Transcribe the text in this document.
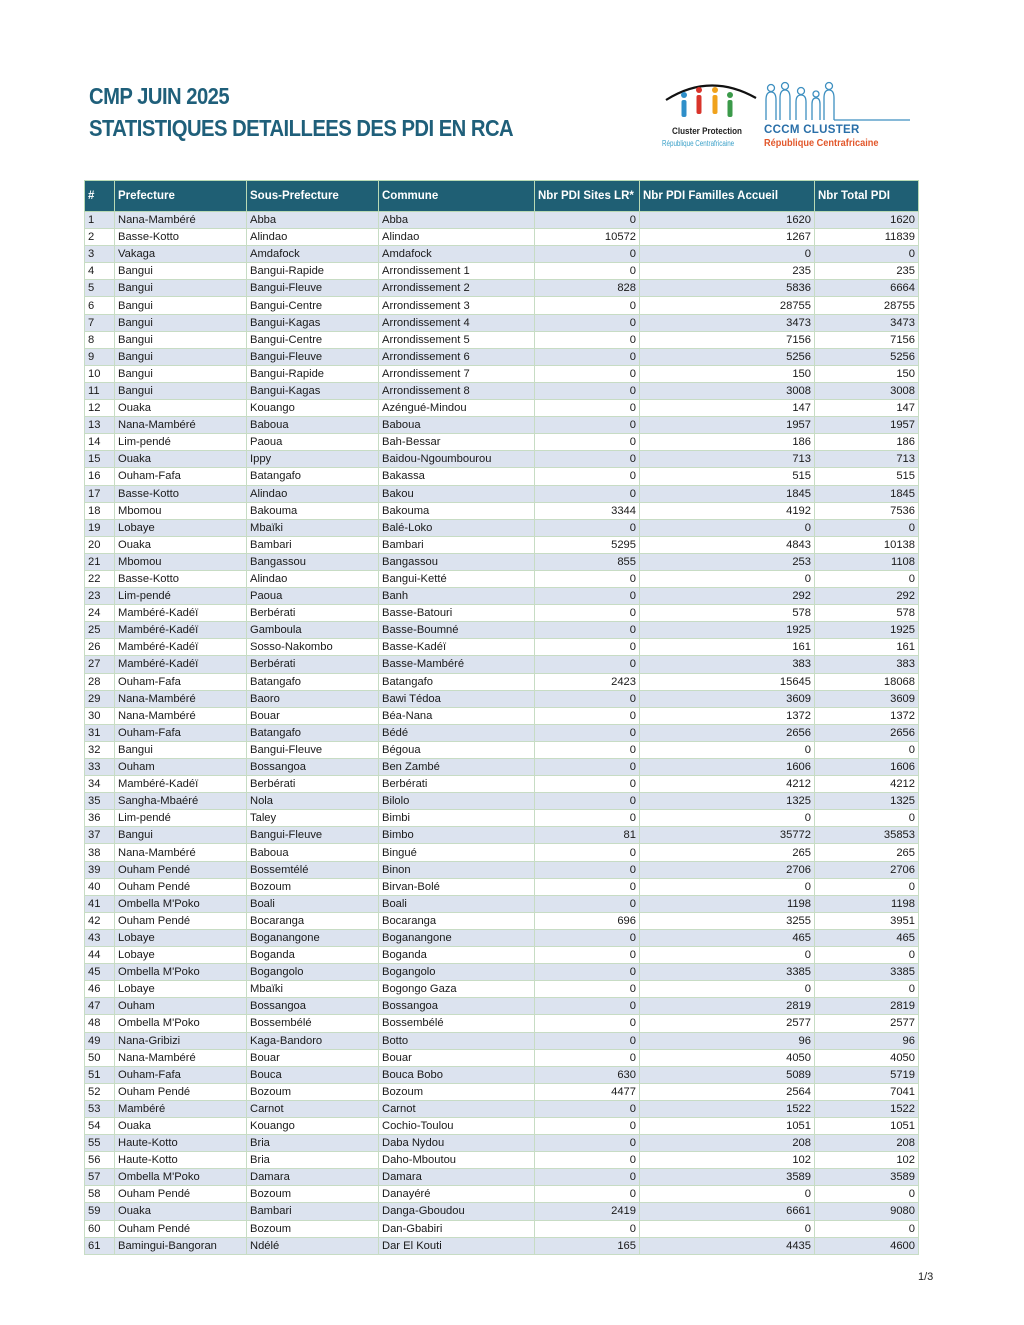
CMP JUIN 2025
STATISTIQUES DETAILLEES DES PDI EN RCA	Cluster Protection
République Centrafricaine
CCCM CLUSTER
République Centrafricaine
#	Prefecture	Sous-Prefecture	Commune	Nbr PDI Sites LR*	Nbr PDI Familles Accueil	Nbr Total PDI
1	Nana-Mambéré	Abba	Abba	0	1620	1620
2	Basse-Kotto	Alindao	Alindao	10572	1267	11839
3	Vakaga	Amdafock	Amdafock	0	0	0
4	Bangui	Bangui-Rapide	Arrondissement 1	0	235	235
5	Bangui	Bangui-Fleuve	Arrondissement 2	828	5836	6664
6	Bangui	Bangui-Centre	Arrondissement 3	0	28755	28755
7	Bangui	Bangui-Kagas	Arrondissement 4	0	3473	3473
8	Bangui	Bangui-Centre	Arrondissement 5	0	7156	7156
9	Bangui	Bangui-Fleuve	Arrondissement 6	0	5256	5256
10	Bangui	Bangui-Rapide	Arrondissement 7	0	150	150
11	Bangui	Bangui-Kagas	Arrondissement 8	0	3008	3008
12	Ouaka	Kouango	Azéngué-Mindou	0	147	147
13	Nana-Mambéré	Baboua	Baboua	0	1957	1957
14	Lim-pendé	Paoua	Bah-Bessar	0	186	186
15	Ouaka	Ippy	Baidou-Ngoumbourou	0	713	713
16	Ouham-Fafa	Batangafo	Bakassa	0	515	515
17	Basse-Kotto	Alindao	Bakou	0	1845	1845
18	Mbomou	Bakouma	Bakouma	3344	4192	7536
19	Lobaye	Mbaïki	Balé-Loko	0	0	0
20	Ouaka	Bambari	Bambari	5295	4843	10138
21	Mbomou	Bangassou	Bangassou	855	253	1108
22	Basse-Kotto	Alindao	Bangui-Ketté	0	0	0
23	Lim-pendé	Paoua	Banh	0	292	292
24	Mambéré-Kadéï	Berbérati	Basse-Batouri	0	578	578
25	Mambéré-Kadéï	Gamboula	Basse-Boumné	0	1925	1925
26	Mambéré-Kadéï	Sosso-Nakombo	Basse-Kadéï	0	161	161
27	Mambéré-Kadéï	Berbérati	Basse-Mambéré	0	383	383
28	Ouham-Fafa	Batangafo	Batangafo	2423	15645	18068
29	Nana-Mambéré	Baoro	Bawi Tédoa	0	3609	3609
30	Nana-Mambéré	Bouar	Béa-Nana	0	1372	1372
31	Ouham-Fafa	Batangafo	Bédé	0	2656	2656
32	Bangui	Bangui-Fleuve	Bégoua	0	0	0
33	Ouham	Bossangoa	Ben Zambé	0	1606	1606
34	Mambéré-Kadéï	Berbérati	Berbérati	0	4212	4212
35	Sangha-Mbaéré	Nola	Bilolo	0	1325	1325
36	Lim-pendé	Taley	Bimbi	0	0	0
37	Bangui	Bangui-Fleuve	Bimbo	81	35772	35853
38	Nana-Mambéré	Baboua	Bingué	0	265	265
39	Ouham Pendé	Bossemtélé	Binon	0	2706	2706
40	Ouham Pendé	Bozoum	Birvan-Bolé	0	0	0
41	Ombella M'Poko	Boali	Boali	0	1198	1198
42	Ouham Pendé	Bocaranga	Bocaranga	696	3255	3951
43	Lobaye	Boganangone	Boganangone	0	465	465
44	Lobaye	Boganda	Boganda	0	0	0
45	Ombella M'Poko	Bogangolo	Bogangolo	0	3385	3385
46	Lobaye	Mbaïki	Bogongo Gaza	0	0	0
47	Ouham	Bossangoa	Bossangoa	0	2819	2819
48	Ombella M'Poko	Bossembélé	Bossembélé	0	2577	2577
49	Nana-Gribizi	Kaga-Bandoro	Botto	0	96	96
50	Nana-Mambéré	Bouar	Bouar	0	4050	4050
51	Ouham-Fafa	Bouca	Bouca Bobo	630	5089	5719
52	Ouham Pendé	Bozoum	Bozoum	4477	2564	7041
53	Mambéré	Carnot	Carnot	0	1522	1522
54	Ouaka	Kouango	Cochio-Toulou	0	1051	1051
55	Haute-Kotto	Bria	Daba Nydou	0	208	208
56	Haute-Kotto	Bria	Daho-Mboutou	0	102	102
57	Ombella M'Poko	Damara	Damara	0	3589	3589
58	Ouham Pendé	Bozoum	Danayéré	0	0	0
59	Ouaka	Bambari	Danga-Gboudou	2419	6661	9080
60	Ouham Pendé	Bozoum	Dan-Gbabiri	0	0	0
61	Bamingui-Bangoran	Ndélé	Dar El Kouti	165	4435	4600
1/3
